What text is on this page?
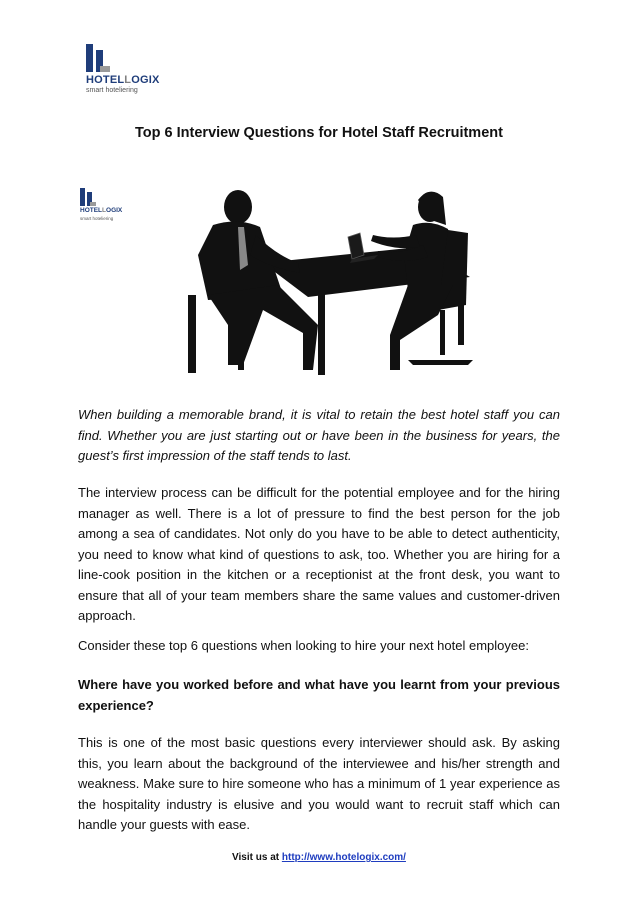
HOTELLOGIX
smart hoteliering
Top 6 Interview Questions for Hotel Staff Recruitment
HOTELLOGIX
smart hoteliering

When building a memorable brand, it is vital to retain the best hotel staff you can find. Whether you are just starting out or have been in the business for years, the guest’s first impression of the staff tends to last.

The interview process can be difficult for the potential employee and for the hiring manager as well. There is a lot of pressure to find the best person for the job among a sea of candidates. Not only do you have to be able to detect authenticity, you need to know what kind of questions to ask, too. Whether you are hiring for a line-cook position in the kitchen or a receptionist at the front desk, you want to ensure that all of your team members share the same values and customer-driven approach.

Consider these top 6 questions when looking to hire your next hotel employee:

Where have you worked before and what have you learnt from your previous experience?

This is one of the most basic questions every interviewer should ask. By asking this, you learn about the background of the interviewee and his/her strength and weakness. Make sure to hire someone who has a minimum of 1 year experience as the hospitality industry is elusive and you would want to recruit staff which can handle your guests with ease.

Visit us at http://www.hotelogix.com/
